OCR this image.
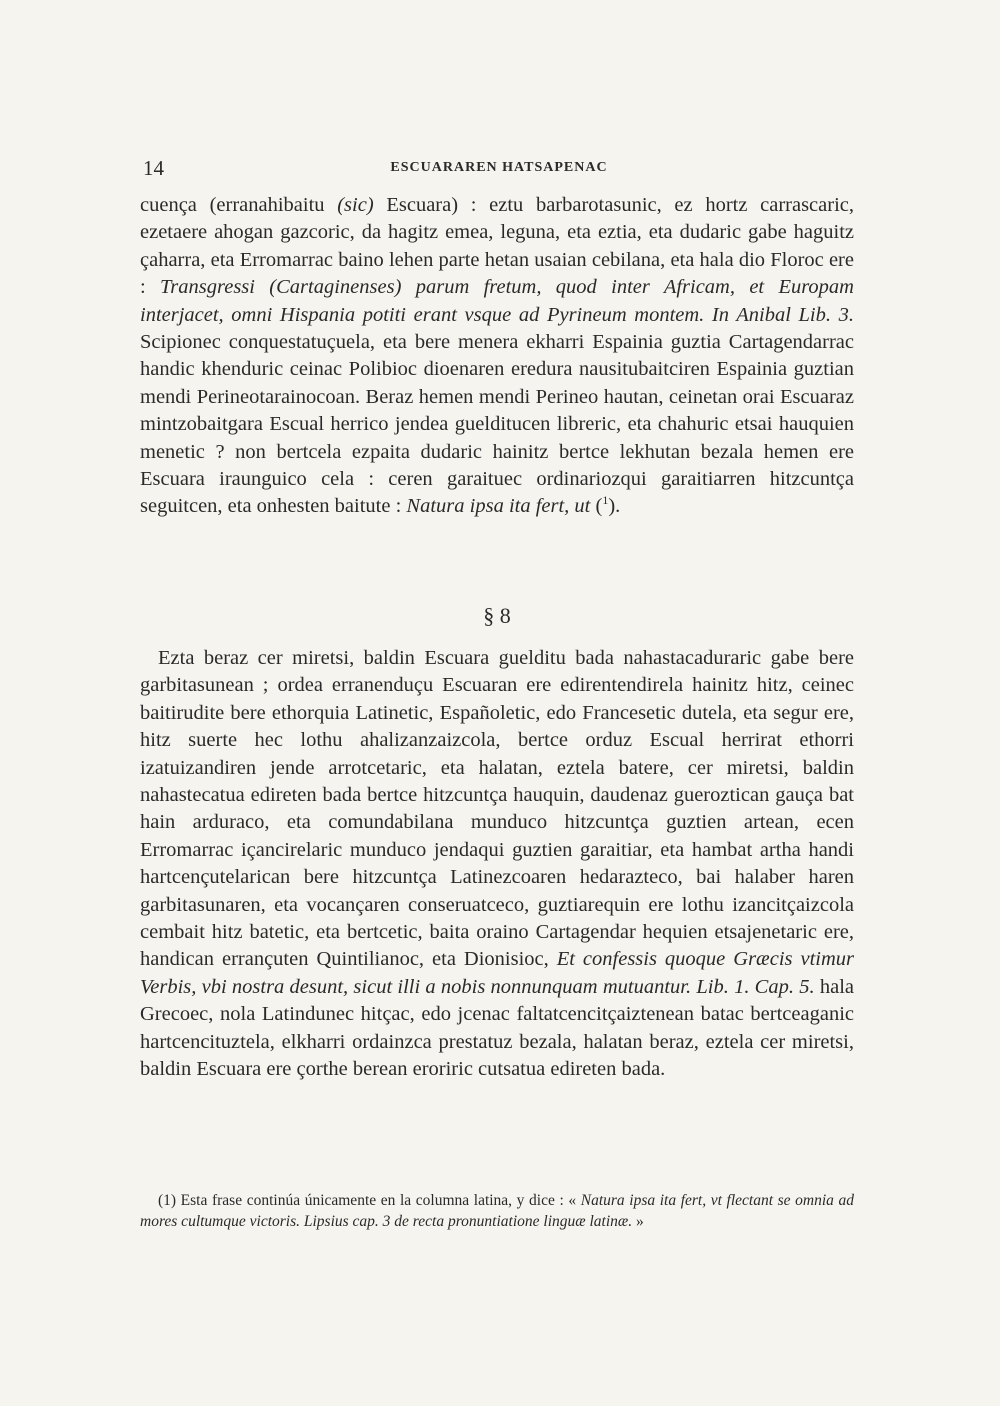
14	ESCUARAREN HATSAPENAC

cuença (erranahibaitu (sic) Escuara) : eztu barbarotasunic, ez hortz carrascaric, ezetaere ahogan gazcoric, da hagitz emea, leguna, eta eztia, eta dudaric gabe haguitz çaharra, eta Erromarrac baino lehen parte hetan usaian cebilana, eta hala dio Floroc ere : Transgressi (Cartaginenses) parum fretum, quod inter Africam, et Europam interjacet, omni Hispania potiti erant vsque ad Pyrineum montem. In Anibal Lib. 3. Scipionec conquestatuçuela, eta bere menera ekharri Espainia guztia Cartagendarrac handic khenduric ceinac Polibioc dioenaren eredura nausitubaitciren Espainia guztian mendi Perineotarainocoan. Beraz hemen mendi Perineo hautan, ceinetan orai Escuaraz mintzobaitgara Escual herrico jendea guelditucen libreric, eta chahuric etsai hauquien menetic ? non bertcela ezpaita dudaric hainitz bertce lekhutan bezala hemen ere Escuara iraunguico cela : ceren garaituec ordinariozqui garaitiarren hitzcuntça seguitcen, eta onhesten baitute : Natura ipsa ita fert, ut ($^1$).

§ 8

Ezta beraz cer miretsi, baldin Escuara guelditu bada nahastacaduraric gabe bere garbitasunean ; ordea erranenduçu Escuaran ere edirentendirela hainitz hitz, ceinec baitirudite bere ethorquia Latinetic, Españoletic, edo Francesetic dutela, eta segur ere, hitz suerte hec lothu ahalizanzaizcola, bertce orduz Escual herrirat ethorri izatuizandiren jende arrotcetaric, eta halatan, eztela batere, cer miretsi, baldin nahastecatua edireten bada bertce hitzcuntça hauquin, daudenaz gueroztican gauça bat hain arduraco, eta comundabilana munduco hitzcuntça guztien artean, ecen Erromarrac içancirelaric munduco jendaqui guztien garaitiar, eta hambat artha handi hartcençutelarican bere hitzcuntça Latinezcoaren hedarazteco, bai halaber haren garbitasunaren, eta vocançaren conseruatceco, guztiarequin ere lothu izancitçaizcola cembait hitz batetic, eta bertcetic, baita oraino Cartagendar hequien etsajenetaric ere, handican errançuten Quintilianoc, eta Dionisioc, Et confessis quoque Græcis vtimur Verbis, vbi nostra desunt, sicut illi a nobis nonnunquam mutuantur. Lib. 1. Cap. 5. hala Grecoec, nola Latindunec hitçac, edo jcenac faltatcencitçaiztenean batac bertceaganic hartcencituztela, elkharri ordainzca prestatuz bezala, halatan beraz, eztela cer miretsi, baldin Escuara ere çorthe berean eroriric cutsatua edireten bada.

(1) Esta frase continúa únicamente en la columna latina, y dice : « Natura ipsa ita fert, vt flectant se omnia ad mores cultumque victoris. Lipsius cap. 3 de recta pronuntiatione linguæ latinæ. »
